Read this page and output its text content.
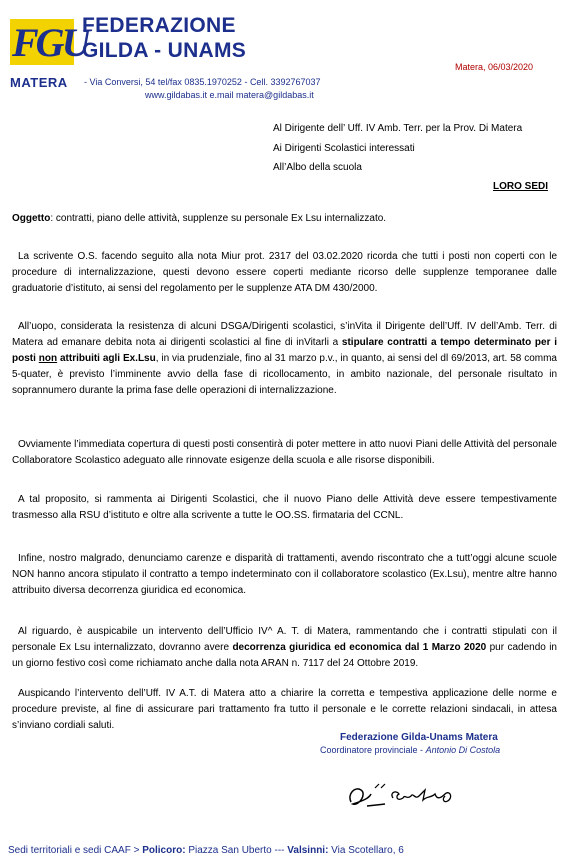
FGU
FEDERAZIONE
GILDA - UNAMS
MATERA - Via Conversi, 54 tel/fax 0835.1970252 - Cell. 3392767037
www.gildabas.it e.mail matera@gildabas.it
Matera, 06/03/2020
Al Dirigente dell’ Uff. IV Amb. Terr. per la Prov. Di Matera
Ai Dirigenti Scolastici interessati
All’Albo della scuola
LORO SEDI

Oggetto: contratti, piano delle attività, supplenze su personale Ex Lsu internalizzato.

La scrivente O.S. facendo seguito alla nota Miur prot. 2317 del 03.02.2020 ricorda che tutti i posti non coperti con le procedure di internalizzazione, questi devono essere coperti mediante ricorso delle supplenze temporanee dalle graduatorie d’istituto, ai sensi del regolamento per le supplenze ATA DM 430/2000.

All’uopo, considerata la resistenza di alcuni DSGA/Dirigenti scolastici, s’inVita il Dirigente dell’Uff. IV dell’Amb. Terr. di Matera ad emanare debita nota ai dirigenti scolastici al fine di inVitarli a stipulare contratti a tempo determinato per i posti non attribuiti agli Ex.Lsu, in via prudenziale, fino al 31 marzo p.v., in quanto, ai sensi del dl 69/2013, art. 58 comma 5-quater, è previsto l’imminente avvio della fase di ricollocamento, in ambito nazionale, del personale risultato in soprannumero durante la prima fase delle operazioni di internalizzazione.

Ovviamente l’immediata copertura di questi posti consentirà di poter mettere in atto nuovi Piani delle Attività del personale Collaboratore Scolastico adeguato alle rinnovate esigenze della scuola e alle risorse disponibili.

A tal proposito, si rammenta ai Dirigenti Scolastici, che il nuovo Piano delle Attività deve essere tempestivamente trasmesso alla RSU d’istituto e oltre alla scrivente a tutte le OO.SS. firmataria del CCNL.

Infine, nostro malgrado, denunciamo carenze e disparità di trattamenti, avendo riscontrato che a tutt’oggi alcune scuole NON hanno ancora stipulato il contratto a tempo indeterminato con il collaboratore scolastico (Ex.Lsu), mentre altre hanno attribuito diversa decorrenza giuridica ed economica.

Al riguardo, è auspicabile un intervento dell’Ufficio IV^ A. T. di Matera, rammentando che i contratti stipulati con il personale Ex Lsu internalizzato, dovranno avere decorrenza giuridica ed economica dal 1 Marzo 2020 pur cadendo in un giorno festivo così come richiamato anche dalla nota ARAN n. 7117 del 24 Ottobre 2019.

Auspicando l’intervento dell’Uff. IV A.T. di Matera atto a chiarire la corretta e tempestiva applicazione delle norme e procedure previste, al fine di assicurare pari trattamento fra tutto il personale e le corrette relazioni sindacali, in attesa s’inviano cordiali saluti.

Federazione Gilda-Unams Matera
Coordinatore provinciale - Antonio Di Costola
Sedi territoriali e sedi CAAF > Policoro: Piazza San Uberto --- Valsinni: Via Scotellaro, 6
